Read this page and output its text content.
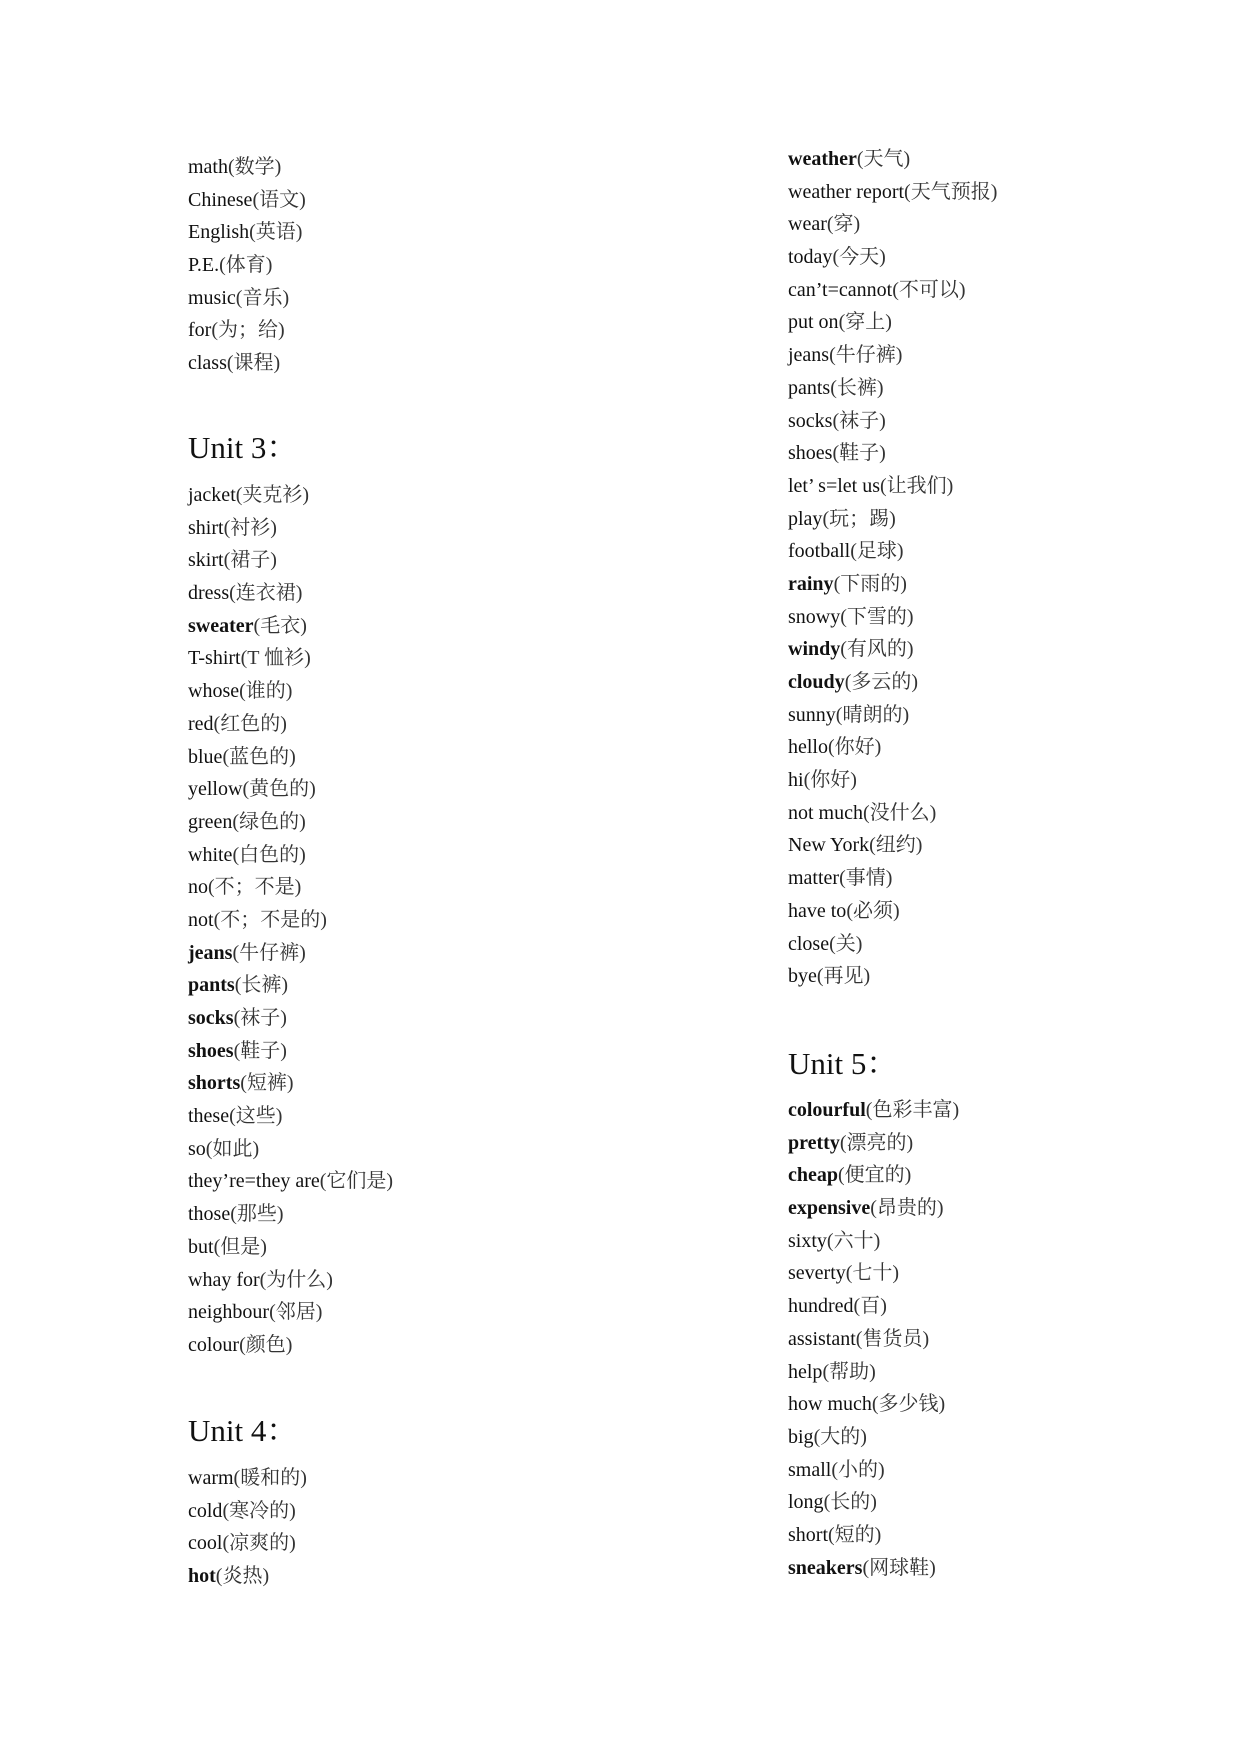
math(数学)
Chinese(语文)
English(英语)
P.E.(体育)
music(音乐)
for(为；给)
class(课程)
Unit 3：
jacket(夹克衫)
shirt(衬衫)
skirt(裙子)
dress(连衣裙)
sweater(毛衣)
T-shirt(T 恤衫)
whose(谁的)
red(红色的)
blue(蓝色的)
yellow(黄色的)
green(绿色的)
white(白色的)
no(不；不是)
not(不；不是的)
jeans(牛仔裤)
pants(长裤)
socks(袜子)
shoes(鞋子)
shorts(短裤)
these(这些)
so(如此)
they’re=they are(它们是)
those(那些)
but(但是)
whay for(为什么)
neighbour(邻居)
colour(颜色)
Unit 4：
warm(暖和的)
cold(寒冷的)
cool(凉爽的)
hot(炎热)
weather(天气)
weather report(天气预报)
wear(穿)
today(今天)
can’t=cannot(不可以)
put on(穿上)
jeans(牛仔裤)
pants(长裤)
socks(袜子)
shoes(鞋子)
let’ s=let us(让我们)
play(玩；踢)
football(足球)
rainy(下雨的)
snowy(下雪的)
windy(有风的)
cloudy(多云的)
sunny(晴朗的)
hello(你好)
hi(你好)
not much(没什么)
New York(纽约)
matter(事情)
have to(必须)
close(关)
bye(再见)
Unit 5：
colourful(色彩丰富)
pretty(漂亮的)
cheap(便宜的)
expensive(昂贵的)
sixty(六十)
severty(七十)
hundred(百)
assistant(售货员)
help(帮助)
how much(多少钱)
big(大的)
small(小的)
long(长的)
short(短的)
sneakers(网球鞋)
